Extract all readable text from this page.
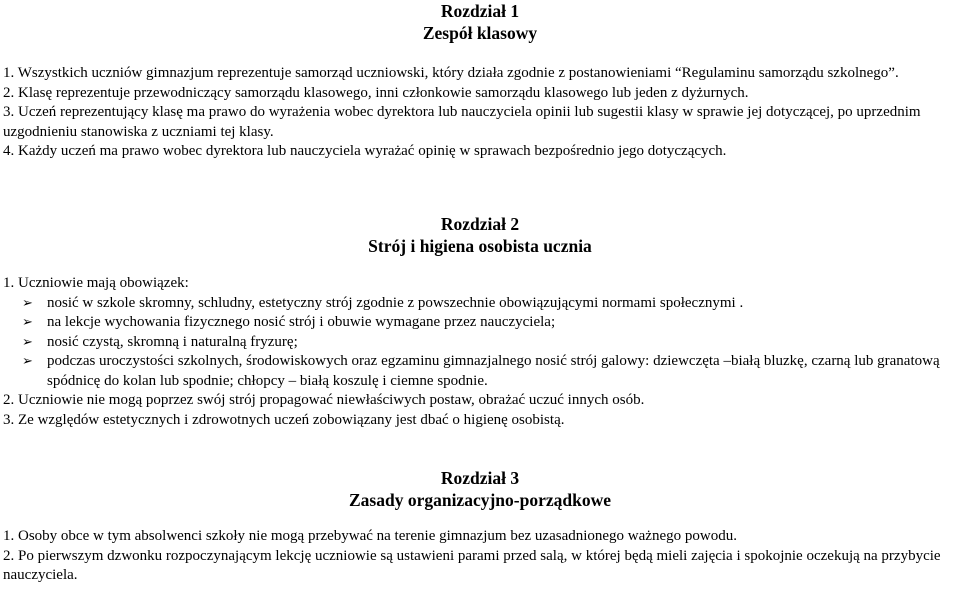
Rozdział 1
Zespół klasowy

1. Wszystkich uczniów gimnazjum reprezentuje samorząd uczniowski, który działa zgodnie z postanowieniami “Regulaminu samorządu szkolnego”.

2. Klasę reprezentuje przewodniczący samorządu klasowego, inni członkowie samorządu klasowego lub jeden z dyżurnych.

3. Uczeń reprezentujący klasę ma prawo do wyrażenia wobec dyrektora lub nauczyciela opinii lub sugestii klasy w sprawie jej dotyczącej, po uprzednim uzgodnieniu stanowiska z uczniami tej klasy.

4. Każdy uczeń ma prawo wobec dyrektora lub nauczyciela wyrażać opinię w sprawach bezpośrednio jego dotyczących.

Rozdział 2
Strój i higiena osobista ucznia

1. Uczniowie mają obowiązek:

➢ nosić w szkole skromny, schludny, estetyczny strój zgodnie z powszechnie obowiązującymi normami społecznymi .
➢ na lekcje wychowania fizycznego nosić strój i obuwie wymagane przez nauczyciela;
➢ nosić czystą, skromną i naturalną fryzurę;
➢ podczas uroczystości szkolnych, środowiskowych oraz egzaminu gimnazjalnego nosić strój galowy: dziewczęta –białą bluzkę, czarną lub granatową spódnicę do kolan lub spodnie; chłopcy – białą koszulę i ciemne spodnie.

2. Uczniowie nie mogą poprzez swój strój propagować niewłaściwych postaw, obrażać uczuć innych osób.

3. Ze względów estetycznych i zdrowotnych uczeń zobowiązany jest dbać o higienę osobistą.

Rozdział 3
Zasady organizacyjno-porządkowe

1. Osoby obce w tym absolwenci szkoły nie mogą przebywać na terenie gimnazjum bez uzasadnionego ważnego powodu.

2. Po pierwszym dzwonku rozpoczynającym lekcję uczniowie są ustawieni parami przed salą, w której będą mieli zajęcia i spokojnie oczekują na przybycie nauczyciela.
